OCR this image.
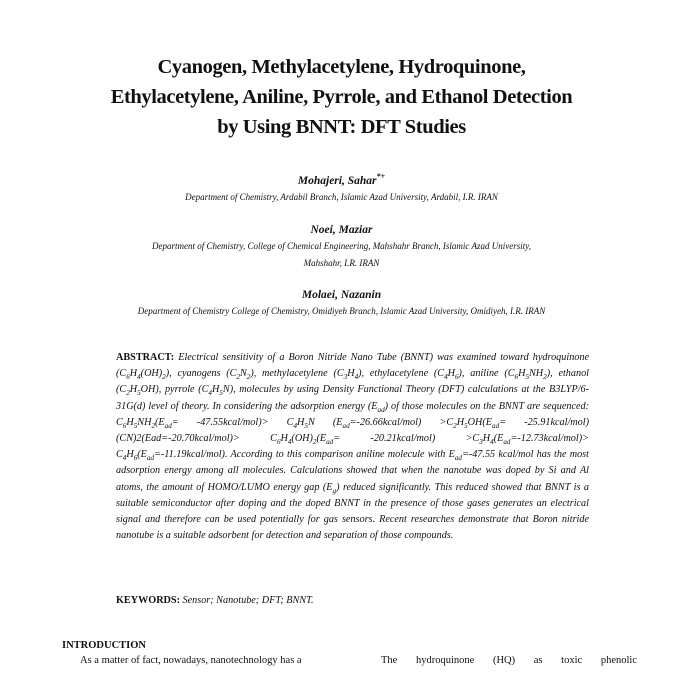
Cyanogen, Methylacetylene, Hydroquinone,
Ethylacetylene, Aniline, Pyrrole, and Ethanol Detection
by Using BNNT: DFT Studies
Mohajeri, Sahar*+
Department of Chemistry, Ardabil Branch, Islamic Azad University, Ardabil, I.R. IRAN
Noei, Maziar
Department of Chemistry, College of Chemical Engineering, Mahshahr Branch, Islamic Azad University,
Mahshahr, I.R. IRAN
Molaei, Nazanin
Department of Chemistry College of Chemistry, Omidiyeh Branch, Islamic Azad University, Omidiyeh, I.R. IRAN
ABSTRACT: Electrical sensitivity of a Boron Nitride Nano Tube (BNNT) was examined toward hydroquinone $(C_6H_4(OH)_2)$, cyanogens $(C_2N_2)$, methylacetylene $(C_3H_4)$, ethylacetylene $(C_4H_6)$, aniline $(C_6H_5NH_2)$, ethanol $(C_2H_5OH)$, pyrrole $(C_4H_5N)$, molecules by using Density Functional Theory (DFT) calculations at the B3LYP/6-31G(d) level of theory. In considering the adsorption energy $(E_{ad})$ of those molecules on the BNNT are sequenced: $C_6H_5NH_2(E_{ad}=$ -47.55kcal/mol)> $C_4H_5N$ $(E_{ad}=-26.66kcal/mol) >C_2H_5OH(E_{ad}=$ -25.91kcal/mol) (CN)2(Ead=-20.70kcal/mol)> $C_6H_4(OH)_2(E_{ad}=$ -20.21kcal/mol) $>C_3H_4(E_{ad}=-12.73kcal/mol)>$ $C_4H_6(E_{ad}=-11.19kcal/mol)$. According to this comparison aniline molecule with $E_{ad}=-47.55$ kcal/mol has the most adsorption energy among all molecules. Calculations showed that when the nanotube was doped by Si and Al atoms, the amount of HOMO/LUMO energy gap $(E_g)$ reduced significantly. This reduced showed that BNNT is a suitable semiconductor after doping and the doped BNNT in the presence of those gases generates an electrical signal and therefore can be used potentially for gas sensors. Recent researches demonstrate that Boron nitride nanotube is a suitable adsorbent for detection and separation of those compounds.
KEYWORDS: Sensor; Nanotube; DFT; BNNT.
INTRODUCTION
As a matter of fact, nowadays, nanotechnology has a	The hydroquinone (HQ) as toxic phenolic
